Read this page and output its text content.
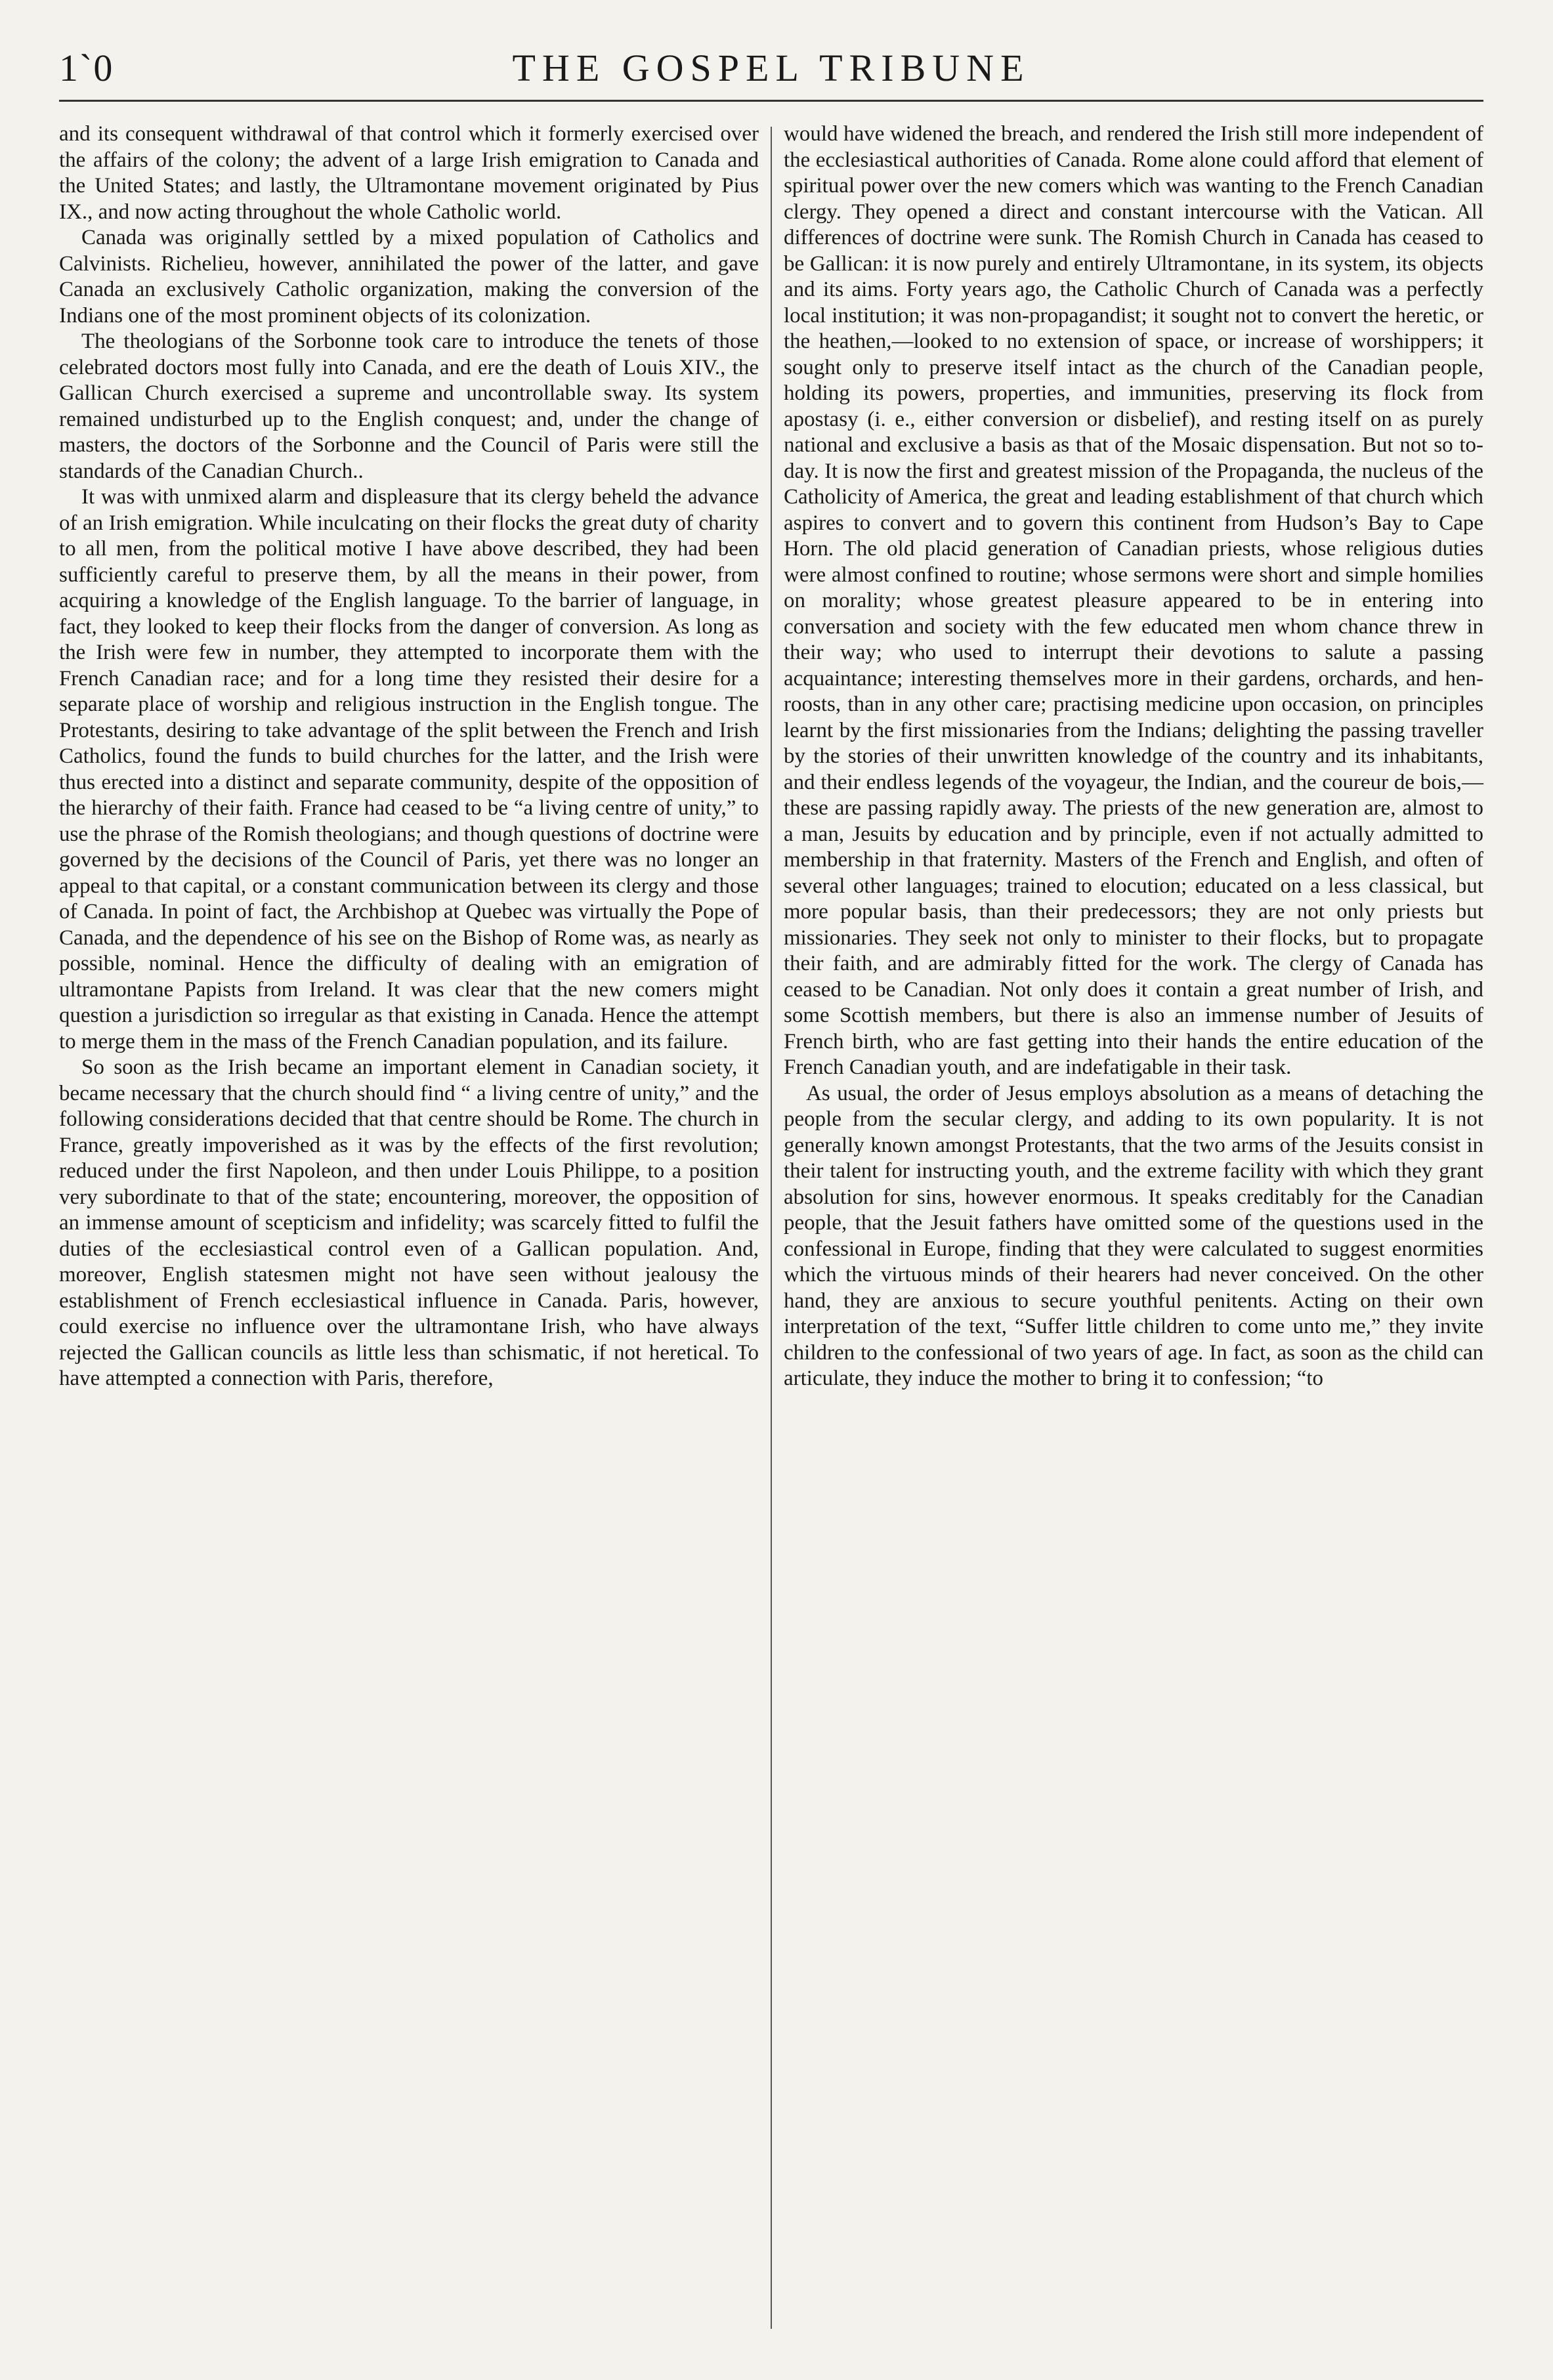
1`0	THE GOSPEL TRIBUNE

and its consequent withdrawal of that control which it formerly exercised over the affairs of the colony; the advent of a large Irish emigration to Canada and the United States; and lastly, the Ultramontane movement originated by Pius IX., and now acting throughout the whole Catholic world.

Canada was originally settled by a mixed population of Catholics and Calvinists. Richelieu, however, annihilated the power of the latter, and gave Canada an exclusively Catholic organization, making the conversion of the Indians one of the most prominent objects of its colonization.

The theologians of the Sorbonne took care to introduce the tenets of those celebrated doctors most fully into Canada, and ere the death of Louis XIV., the Gallican Church exercised a supreme and uncontrollable sway. Its system remained undisturbed up to the English conquest; and, under the change of masters, the doctors of the Sorbonne and the Council of Paris were still the standards of the Canadian Church..

It was with unmixed alarm and displeasure that its clergy beheld the advance of an Irish emigration. While inculcating on their flocks the great duty of charity to all men, from the political motive I have above described, they had been sufficiently careful to preserve them, by all the means in their power, from acquiring a knowledge of the English language. To the barrier of language, in fact, they looked to keep their flocks from the danger of conversion. As long as the Irish were few in number, they attempted to incorporate them with the French Canadian race; and for a long time they resisted their desire for a separate place of worship and religious instruction in the English tongue. The Protestants, desiring to take advantage of the split between the French and Irish Catholics, found the funds to build churches for the latter, and the Irish were thus erected into a distinct and separate community, despite of the opposition of the hierarchy of their faith. France had ceased to be “a living centre of unity,” to use the phrase of the Romish theologians; and though questions of doctrine were governed by the decisions of the Council of Paris, yet there was no longer an appeal to that capital, or a constant communication between its clergy and those of Canada. In point of fact, the Archbishop at Quebec was virtually the Pope of Canada, and the dependence of his see on the Bishop of Rome was, as nearly as possible, nominal. Hence the difficulty of dealing with an emigration of ultramontane Papists from Ireland. It was clear that the new comers might question a jurisdiction so irregular as that existing in Canada. Hence the attempt to merge them in the mass of the French Canadian population, and its failure.

So soon as the Irish became an important element in Canadian society, it became necessary that the church should find “ a living centre of unity,” and the following considerations decided that that centre should be Rome. The church in France, greatly impoverished as it was by the effects of the first revolution; reduced under the first Napoleon, and then under Louis Philippe, to a position very subordinate to that of the state; encountering, moreover, the opposition of an immense amount of scepticism and infidelity; was scarcely fitted to fulfil the duties of the ecclesiastical control even of a Gallican population. And, moreover, English statesmen might not have seen without jealousy the establishment of French ecclesiastical influence in Canada. Paris, however, could exercise no influence over the ultramontane Irish, who have always rejected the Gallican councils as little less than schismatic, if not heretical. To have attempted a connection with Paris, therefore,

would have widened the breach, and rendered the Irish still more independent of the ecclesiastical authorities of Canada. Rome alone could afford that element of spiritual power over the new comers which was wanting to the French Canadian clergy. They opened a direct and constant intercourse with the Vatican. All differences of doctrine were sunk. The Romish Church in Canada has ceased to be Gallican: it is now purely and entirely Ultramontane, in its system, its objects and its aims. Forty years ago, the Catholic Church of Canada was a perfectly local institution; it was non-propagandist; it sought not to convert the heretic, or the heathen,—looked to no extension of space, or increase of worshippers; it sought only to preserve itself intact as the church of the Canadian people, holding its powers, properties, and immunities, preserving its flock from apostasy (i. e., either conversion or disbelief), and resting itself on as purely national and exclusive a basis as that of the Mosaic dispensation. But not so to-day. It is now the first and greatest mission of the Propaganda, the nucleus of the Catholicity of America, the great and leading establishment of that church which aspires to convert and to govern this continent from Hudson’s Bay to Cape Horn. The old placid generation of Canadian priests, whose religious duties were almost confined to routine; whose sermons were short and simple homilies on morality; whose greatest pleasure appeared to be in entering into conversation and society with the few educated men whom chance threw in their way; who used to interrupt their devotions to salute a passing acquaintance; interesting themselves more in their gardens, orchards, and hen-roosts, than in any other care; practising medicine upon occasion, on principles learnt by the first missionaries from the Indians; delighting the passing traveller by the stories of their unwritten knowledge of the country and its inhabitants, and their endless legends of the voyageur, the Indian, and the coureur de bois,—these are passing rapidly away. The priests of the new generation are, almost to a man, Jesuits by education and by principle, even if not actually admitted to membership in that fraternity. Masters of the French and English, and often of several other languages; trained to elocution; educated on a less classical, but more popular basis, than their predecessors; they are not only priests but missionaries. They seek not only to minister to their flocks, but to propagate their faith, and are admirably fitted for the work. The clergy of Canada has ceased to be Canadian. Not only does it contain a great number of Irish, and some Scottish members, but there is also an immense number of Jesuits of French birth, who are fast getting into their hands the entire education of the French Canadian youth, and are indefatigable in their task.

As usual, the order of Jesus employs absolution as a means of detaching the people from the secular clergy, and adding to its own popularity. It is not generally known amongst Protestants, that the two arms of the Jesuits consist in their talent for instructing youth, and the extreme facility with which they grant absolution for sins, however enormous. It speaks creditably for the Canadian people, that the Jesuit fathers have omitted some of the questions used in the confessional in Europe, finding that they were calculated to suggest enormities which the virtuous minds of their hearers had never conceived. On the other hand, they are anxious to secure youthful penitents. Acting on their own interpretation of the text, “Suffer little children to come unto me,” they invite children to the confessional of two years of age. In fact, as soon as the child can articulate, they induce the mother to bring it to confession; “to
